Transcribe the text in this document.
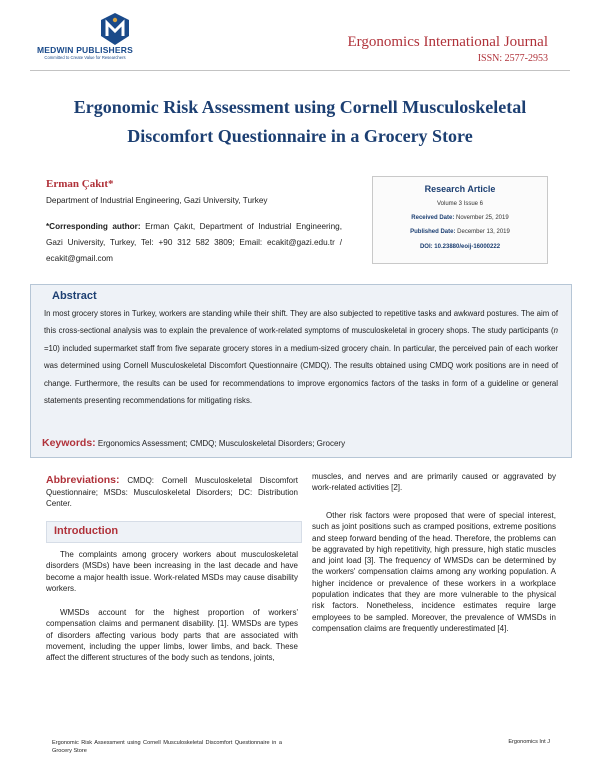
MEDWIN PUBLISHERS
Committed to Create Value for Researchers
Ergonomics International Journal
ISSN: 2577-2953
Ergonomic Risk Assessment using Cornell Musculoskeletal
Discomfort Questionnaire in a Grocery Store
Erman Çakıt*
Department of Industrial Engineering, Gazi University, Turkey
*Corresponding author: Erman Çakıt, Department of Industrial Engineering, Gazi University, Turkey, Tel: +90 312 582 3809; Email: ecakit@gazi.edu.tr / ecakit@gmail.com
Research Article
Volume 3 Issue 6
Received Date: November 25, 2019
Published Date: December 13, 2019
DOI: 10.23880/eoij-16000222
Abstract
In most grocery stores in Turkey, workers are standing while their shift. They are also subjected to repetitive tasks and awkward postures. The aim of this cross-sectional analysis was to explain the prevalence of work-related symptoms of musculoskeletal in grocery shops. The study participants (n =10) included supermarket staff from five separate grocery stores in a medium-sized grocery chain. In particular, the perceived pain of each worker was determined using Cornell Musculoskeletal Discomfort Questionnaire (CMDQ). The results obtained using CMDQ work positions are in need of change. Furthermore, the results can be used for recommendations to improve ergonomics factors of the tasks in form of a guideline or general statements presenting recommendations for mitigating risks.
Keywords: Ergonomics Assessment; CMDQ; Musculoskeletal Disorders; Grocery
Abbreviations: CMDQ: Cornell Musculoskeletal Discomfort Questionnaire; MSDs: Musculoskeletal Disorders; DC: Distribution Center.
Introduction
The complaints among grocery workers about musculoskeletal disorders (MSDs) have been increasing in the last decade and have become a major health issue. Work-related MSDs may cause disability workers.
WMSDs account for the highest proportion of workers' compensation claims and permanent disability. [1]. WMSDs are types of disorders affecting various body parts that are associated with movement, including the upper limbs, lower limbs, and back. These affect the different structures of the body such as tendons, joints,
muscles, and nerves and are primarily caused or aggravated by work-related activities [2].
Other risk factors were proposed that were of special interest, such as joint positions such as cramped positions, extreme positions and steep forward bending of the head. Therefore, the problems can be aggravated by high repetitivity, high pressure, high static muscles and joint load [3]. The frequency of WMSDs can be determined by the workers' compensation claims among any working population. A higher incidence or prevalence of these workers in a workplace population indicates that they are more vulnerable to the physical risk factors. Nonetheless, incidence estimates require large employees to be sampled. Moreover, the prevalence of WMSDs in compensation claims are frequently underestimated [4].
Ergonomic Risk Assessment using Cornell Musculoskeletal Discomfort Questionnaire in a Grocery Store
Ergonomics Int J
